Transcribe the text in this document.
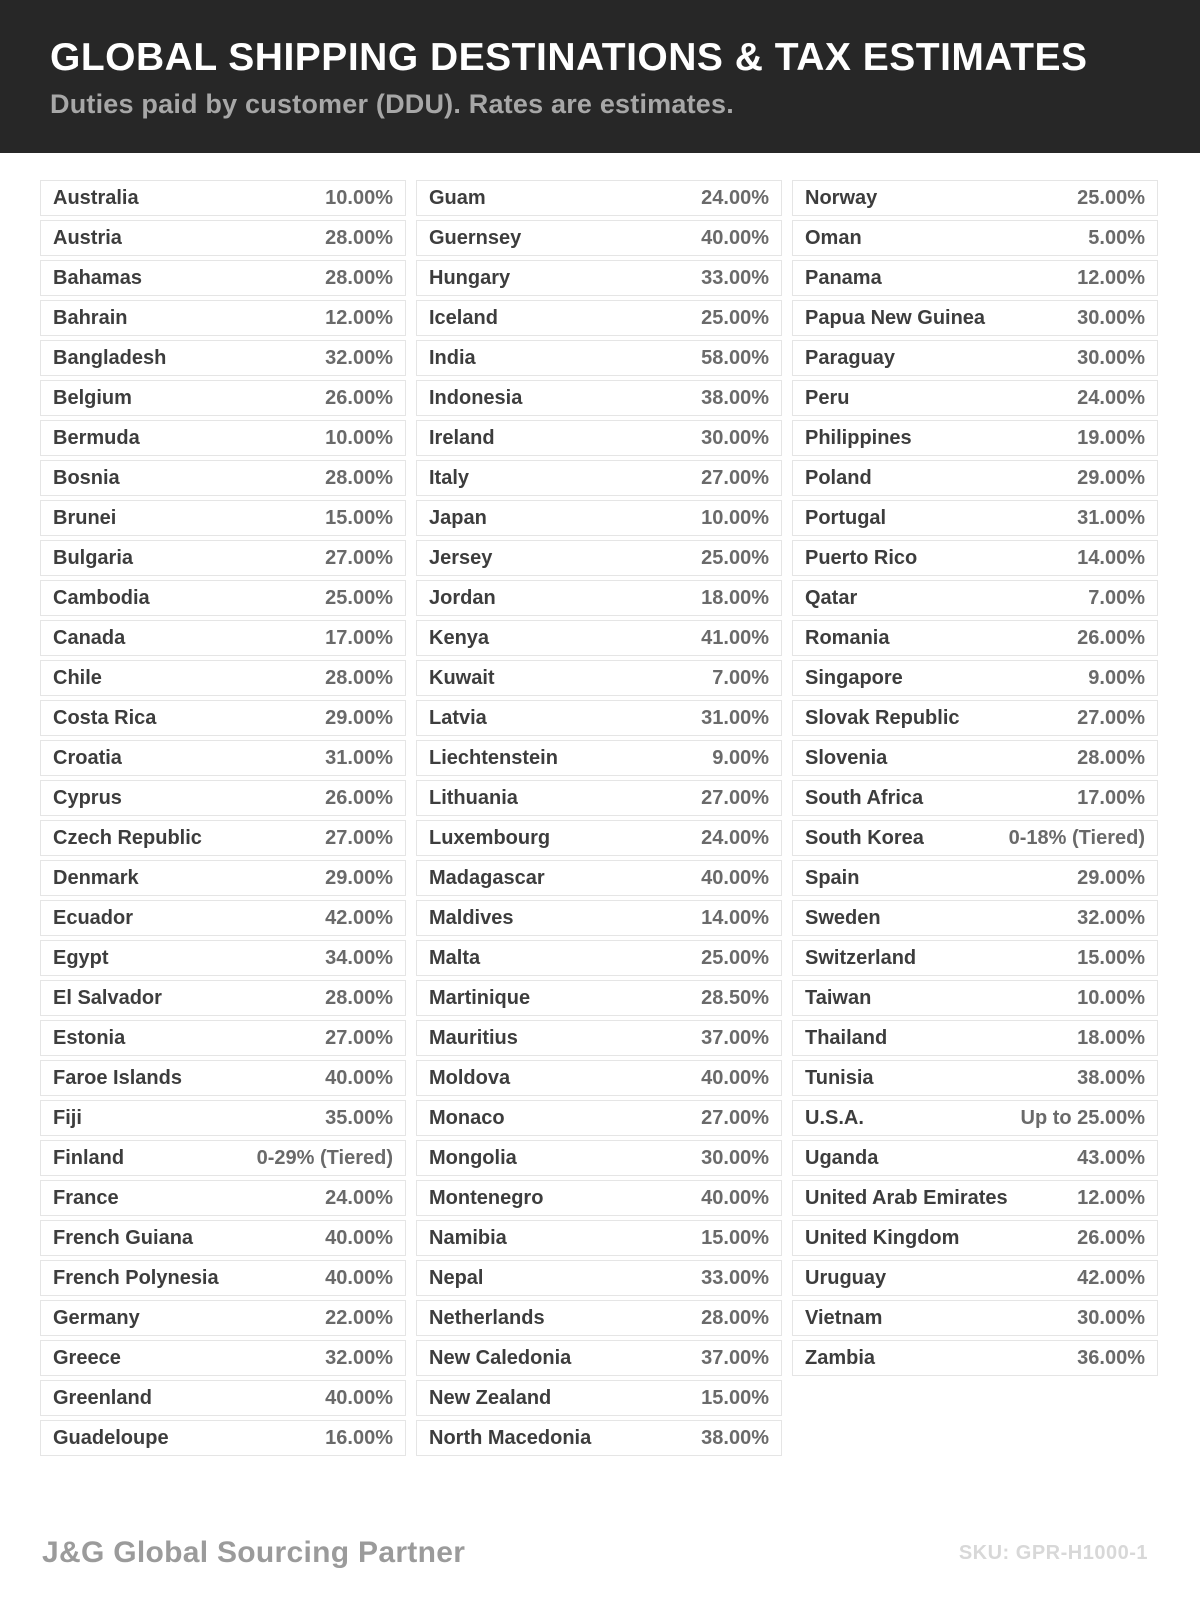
GLOBAL SHIPPING DESTINATIONS & TAX ESTIMATES

Duties paid by customer (DDU). Rates are estimates.

Australia	10.00%
Austria	28.00%
Bahamas	28.00%
Bahrain	12.00%
Bangladesh	32.00%
Belgium	26.00%
Bermuda	10.00%
Bosnia	28.00%
Brunei	15.00%
Bulgaria	27.00%
Cambodia	25.00%
Canada	17.00%
Chile	28.00%
Costa Rica	29.00%
Croatia	31.00%
Cyprus	26.00%
Czech Republic	27.00%
Denmark	29.00%
Ecuador	42.00%
Egypt	34.00%
El Salvador	28.00%
Estonia	27.00%
Faroe Islands	40.00%
Fiji	35.00%
Finland	0-29% (Tiered)
France	24.00%
French Guiana	40.00%
French Polynesia	40.00%
Germany	22.00%
Greece	32.00%
Greenland	40.00%
Guadeloupe	16.00%
Guam	24.00%
Guernsey	40.00%
Hungary	33.00%
Iceland	25.00%
India	58.00%
Indonesia	38.00%
Ireland	30.00%
Italy	27.00%
Japan	10.00%
Jersey	25.00%
Jordan	18.00%
Kenya	41.00%
Kuwait	7.00%
Latvia	31.00%
Liechtenstein	9.00%
Lithuania	27.00%
Luxembourg	24.00%
Madagascar	40.00%
Maldives	14.00%
Malta	25.00%
Martinique	28.50%
Mauritius	37.00%
Moldova	40.00%
Monaco	27.00%
Mongolia	30.00%
Montenegro	40.00%
Namibia	15.00%
Nepal	33.00%
Netherlands	28.00%
New Caledonia	37.00%
New Zealand	15.00%
North Macedonia	38.00%
Norway	25.00%
Oman	5.00%
Panama	12.00%
Papua New Guinea	30.00%
Paraguay	30.00%
Peru	24.00%
Philippines	19.00%
Poland	29.00%
Portugal	31.00%
Puerto Rico	14.00%
Qatar	7.00%
Romania	26.00%
Singapore	9.00%
Slovak Republic	27.00%
Slovenia	28.00%
South Africa	17.00%
South Korea	0-18% (Tiered)
Spain	29.00%
Sweden	32.00%
Switzerland	15.00%
Taiwan	10.00%
Thailand	18.00%
Tunisia	38.00%
U.S.A.	Up to 25.00%
Uganda	43.00%
United Arab Emirates	12.00%
United Kingdom	26.00%
Uruguay	42.00%
Vietnam	30.00%
Zambia	36.00%
J&G Global Sourcing Partner	SKU: GPR-H1000-1
